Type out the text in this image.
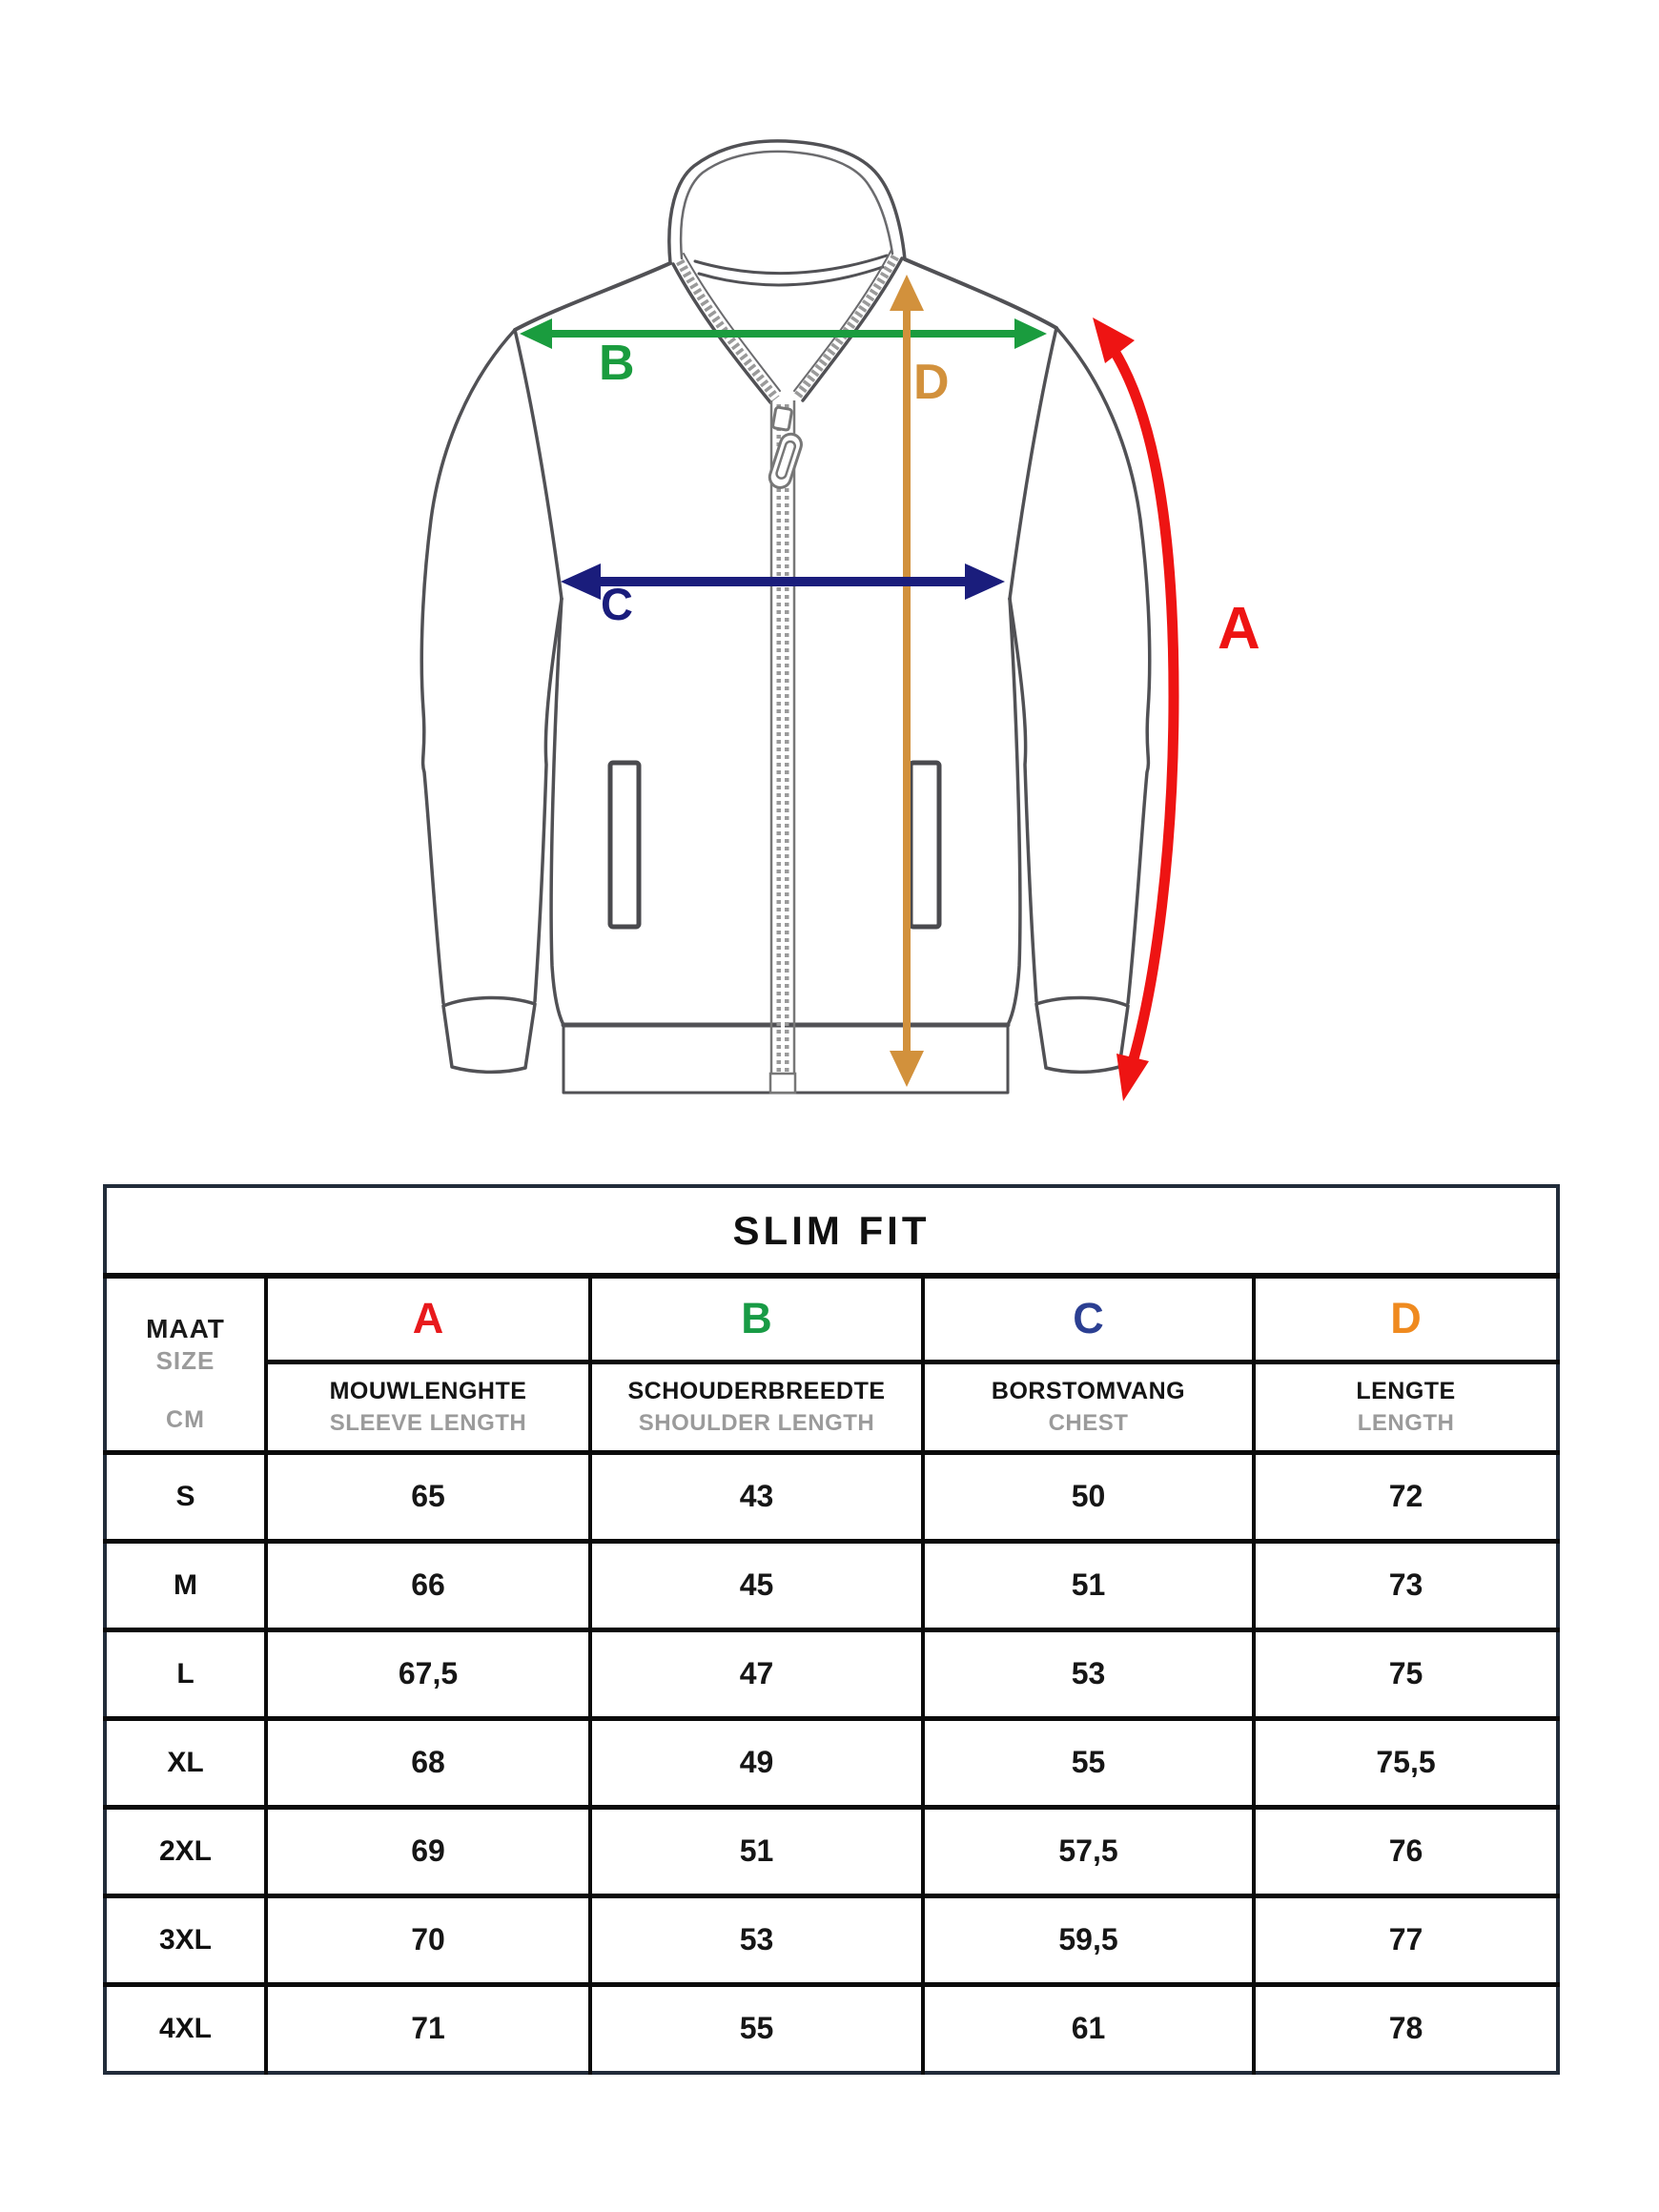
B	D
C	A
SLIM FIT				

MAAT
SIZE
CM	A	B	C	D

MOUWLENGHTE
SLEEVE LENGTH

SCHOUDERBREEDTE
SHOULDER LENGTH

BORSTOMVANG
CHEST

LENGTE
LENGTH

S	65	43	50	72
M	66	45	51	73
L	67,5	47	53	75
XL	68	49	55	75,5
2XL	69	51	57,5	76
3XL	70	53	59,5	77
4XL	71	55	61	78
